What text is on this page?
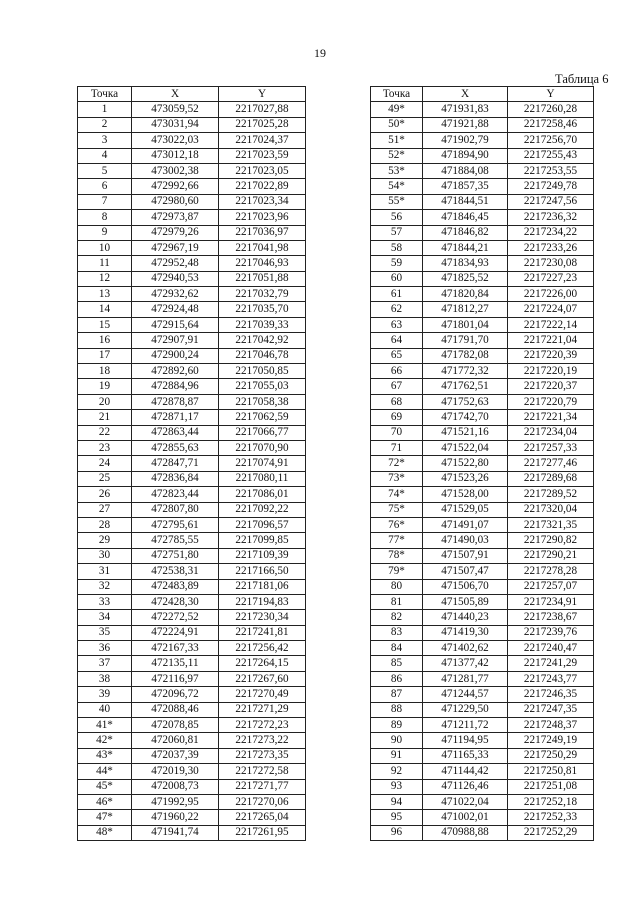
19
Таблица 6
Точка	X	Y
1	473059,52	2217027,88
2	473031,94	2217025,28
3	473022,03	2217024,37
4	473012,18	2217023,59
5	473002,38	2217023,05
6	472992,66	2217022,89
7	472980,60	2217023,34
8	472973,87	2217023,96
9	472979,26	2217036,97
10	472967,19	2217041,98
11	472952,48	2217046,93
12	472940,53	2217051,88
13	472932,62	2217032,79
14	472924,48	2217035,70
15	472915,64	2217039,33
16	472907,91	2217042,92
17	472900,24	2217046,78
18	472892,60	2217050,85
19	472884,96	2217055,03
20	472878,87	2217058,38
21	472871,17	2217062,59
22	472863,44	2217066,77
23	472855,63	2217070,90
24	472847,71	2217074,91
25	472836,84	2217080,11
26	472823,44	2217086,01
27	472807,80	2217092,22
28	472795,61	2217096,57
29	472785,55	2217099,85
30	472751,80	2217109,39
31	472538,31	2217166,50
32	472483,89	2217181,06
33	472428,30	2217194,83
34	472272,52	2217230,34
35	472224,91	2217241,81
36	472167,33	2217256,42
37	472135,11	2217264,15
38	472116,97	2217267,60
39	472096,72	2217270,49
40	472088,46	2217271,29
41*	472078,85	2217272,23
42*	472060,81	2217273,22
43*	472037,39	2217273,35
44*	472019,30	2217272,58
45*	472008,73	2217271,77
46*	471992,95	2217270,06
47*	471960,22	2217265,04
48*	471941,74	2217261,95
Точка	X	Y
49*	471931,83	2217260,28
50*	471921,88	2217258,46
51*	471902,79	2217256,70
52*	471894,90	2217255,43
53*	471884,08	2217253,55
54*	471857,35	2217249,78
55*	471844,51	2217247,56
56	471846,45	2217236,32
57	471846,82	2217234,22
58	471844,21	2217233,26
59	471834,93	2217230,08
60	471825,52	2217227,23
61	471820,84	2217226,00
62	471812,27	2217224,07
63	471801,04	2217222,14
64	471791,70	2217221,04
65	471782,08	2217220,39
66	471772,32	2217220,19
67	471762,51	2217220,37
68	471752,63	2217220,79
69	471742,70	2217221,34
70	471521,16	2217234,04
71	471522,04	2217257,33
72*	471522,80	2217277,46
73*	471523,26	2217289,68
74*	471528,00	2217289,52
75*	471529,05	2217320,04
76*	471491,07	2217321,35
77*	471490,03	2217290,82
78*	471507,91	2217290,21
79*	471507,47	2217278,28
80	471506,70	2217257,07
81	471505,89	2217234,91
82	471440,23	2217238,67
83	471419,30	2217239,76
84	471402,62	2217240,47
85	471377,42	2217241,29
86	471281,77	2217243,77
87	471244,57	2217246,35
88	471229,50	2217247,35
89	471211,72	2217248,37
90	471194,95	2217249,19
91	471165,33	2217250,29
92	471144,42	2217250,81
93	471126,46	2217251,08
94	471022,04	2217252,18
95	471002,01	2217252,33
96	470988,88	2217252,29
